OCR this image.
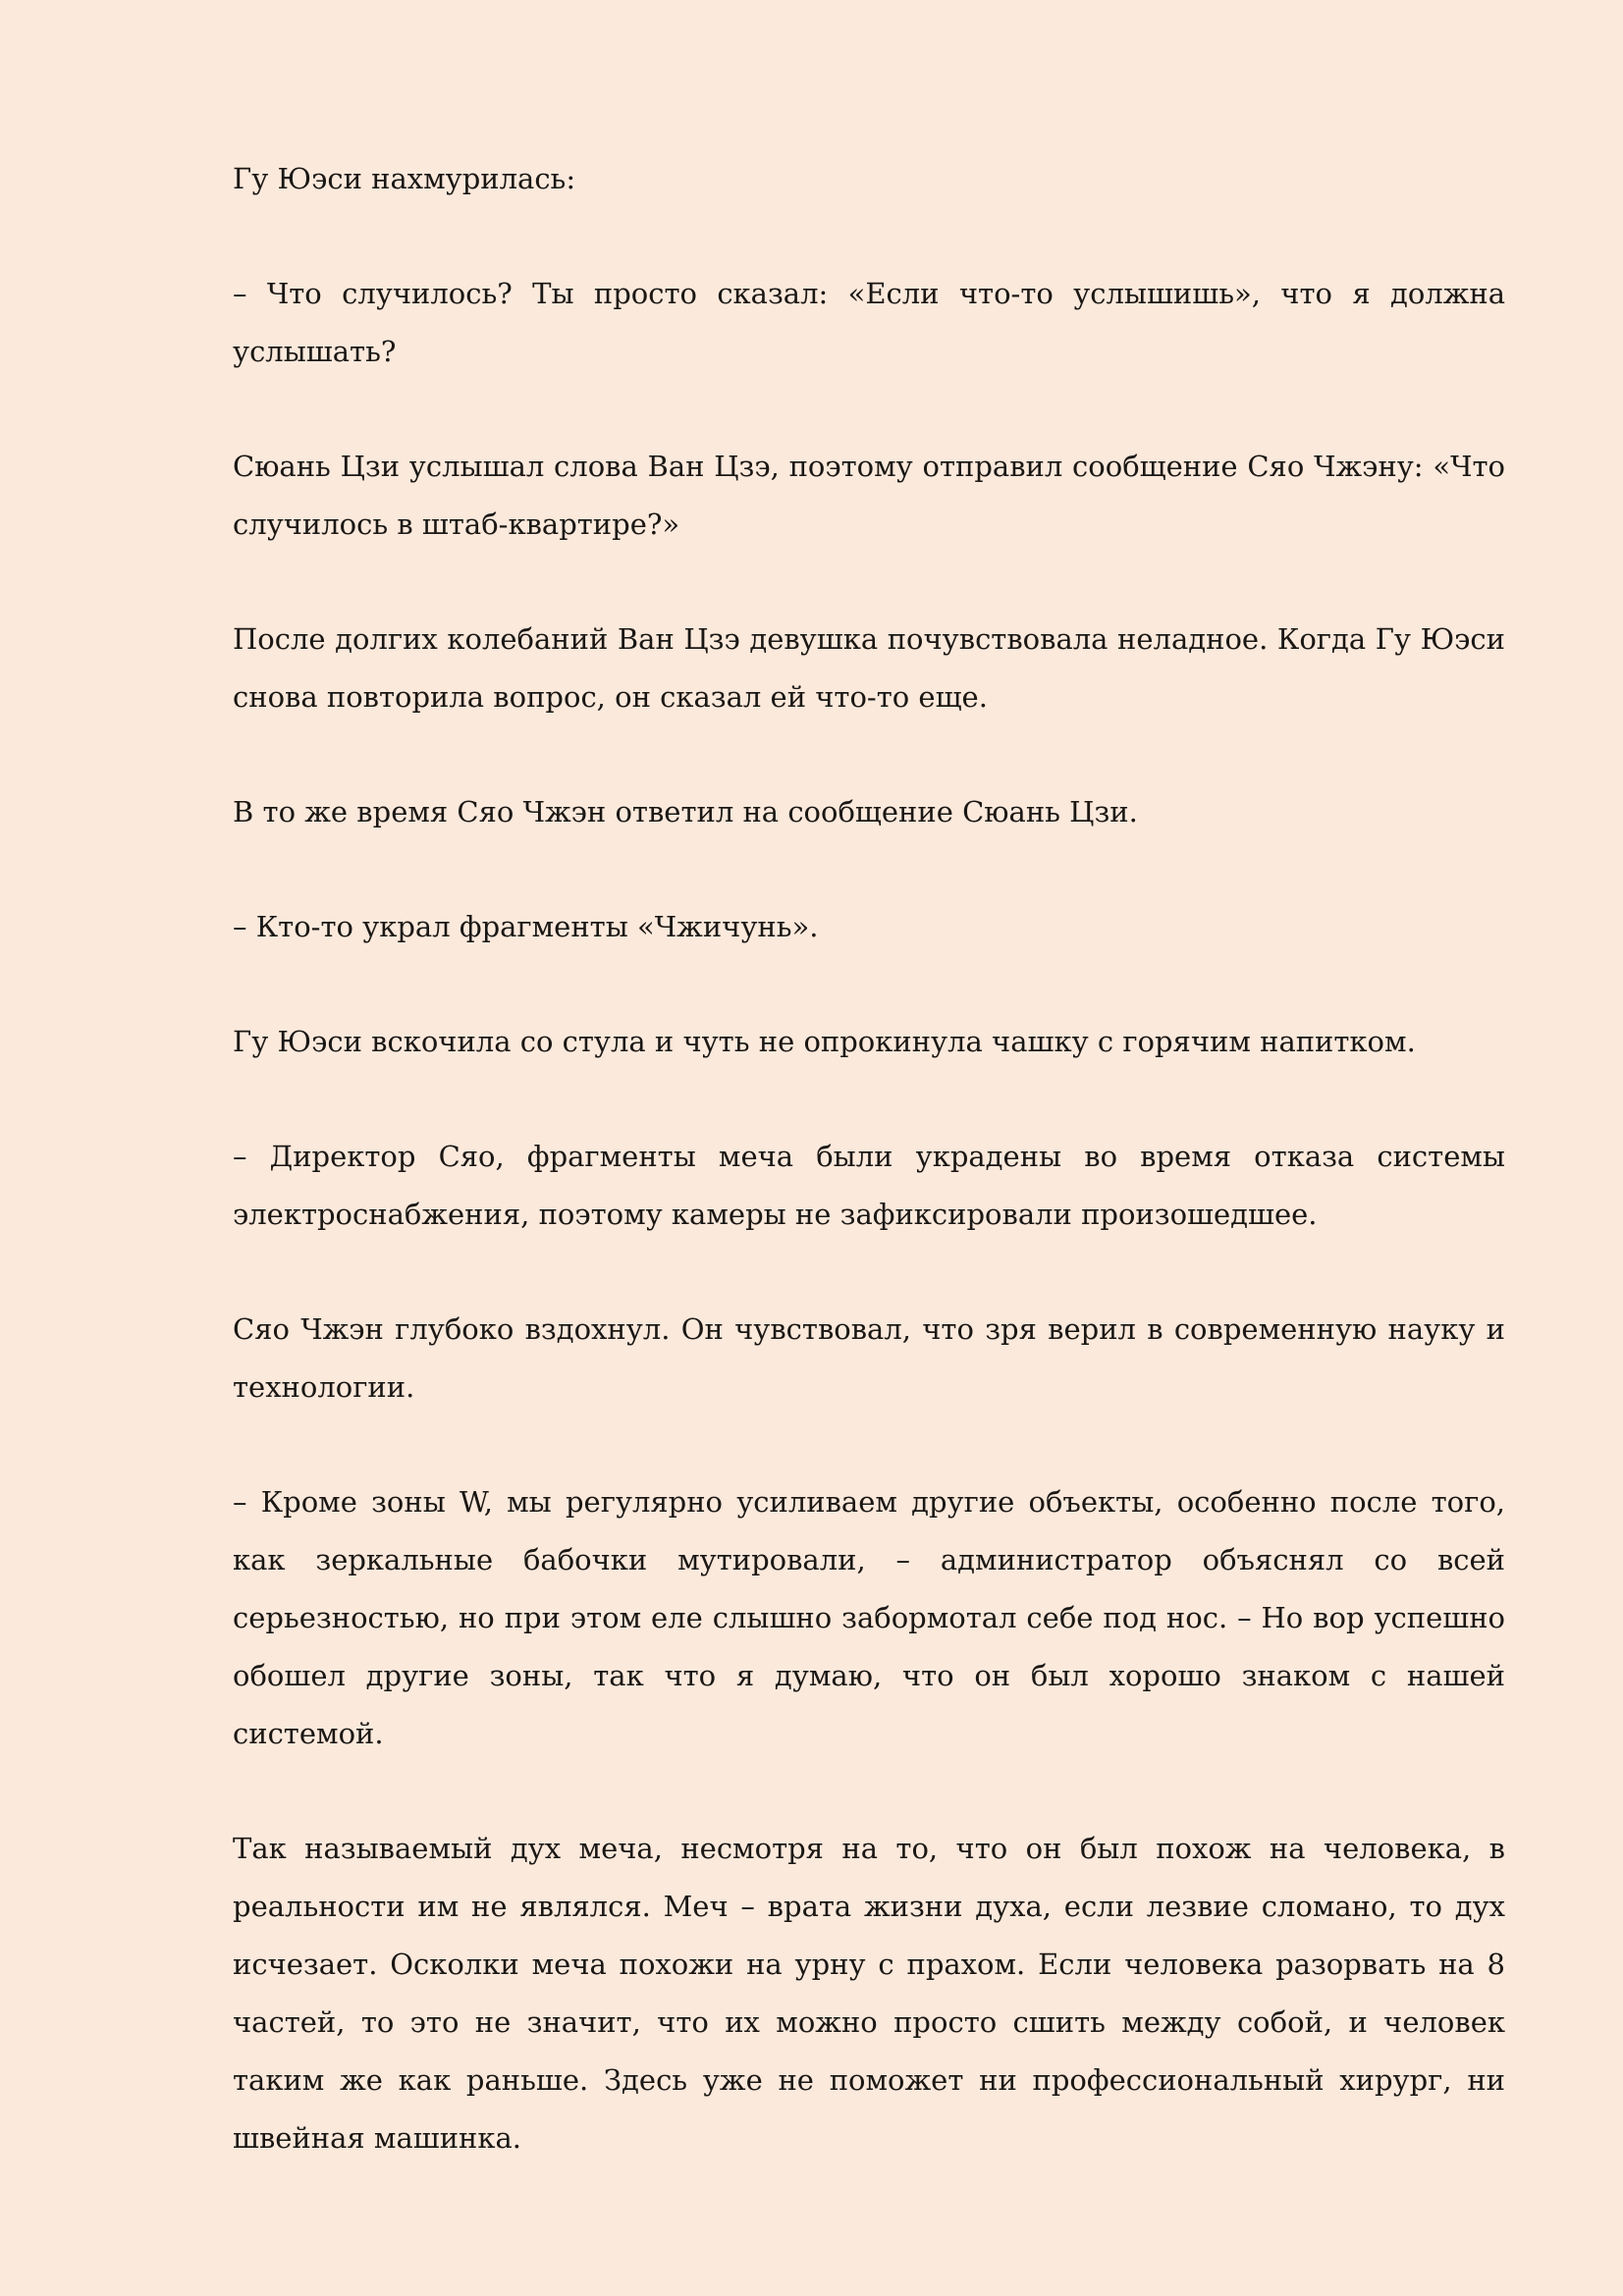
Гу Юэси нахмурилась:

– Что случилось? Ты просто сказал: «Если что-то услышишь», что я должна услышать?

Сюань Цзи услышал слова Ван Цзэ, поэтому отправил сообщение Сяо Чжэну: «Что случилось в штаб-квартире?»

После долгих колебаний Ван Цзэ девушка почувствовала неладное. Когда Гу Юэси снова повторила вопрос, он сказал ей что-то еще.

В то же время Сяо Чжэн ответил на сообщение Сюань Цзи.

– Кто-то украл фрагменты «Чжичунь».

Гу Юэси вскочила со стула и чуть не опрокинула чашку с горячим напитком.

– Директор Сяо, фрагменты меча были украдены во время отказа системы электроснабжения, поэтому камеры не зафиксировали произошедшее.

Сяо Чжэн глубоко вздохнул. Он чувствовал, что зря верил в современную науку и технологии.

– Кроме зоны W, мы регулярно усиливаем другие объекты, особенно после того, как зеркальные бабочки мутировали, – администратор объяснял со всей серьезностью, но при этом еле слышно забормотал себе под нос. – Но вор успешно обошел другие зоны, так что я думаю, что он был хорошо знаком с нашей системой.

Так называемый дух меча, несмотря на то, что он был похож на человека, в реальности им не являлся. Меч – врата жизни духа, если лезвие сломано, то дух исчезает. Осколки меча похожи на урну с прахом. Если человека разорвать на 8 частей, то это не значит, что их можно просто сшить между собой, и человек таким же как раньше. Здесь уже не поможет ни профессиональный хирург, ни швейная машинка.
